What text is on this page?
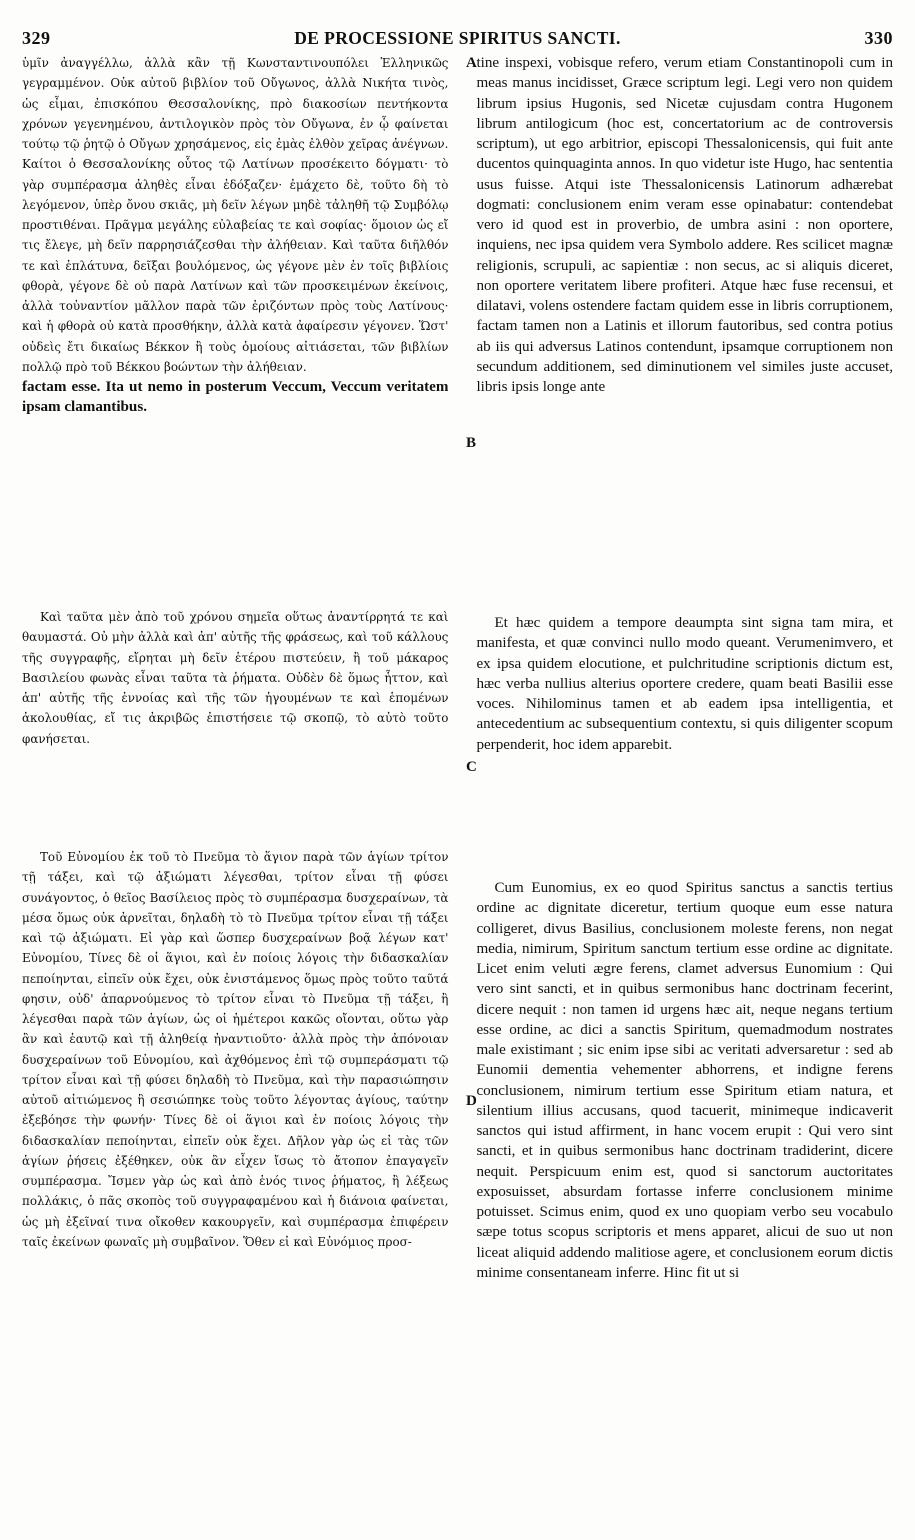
329	DE PROCESSIONE SPIRITUS SANCTI.	330

ὑμῖν ἀναγγέλλω, ἀλλὰ κἂν τῇ Κωνσταντινουπόλει Ἑλληνικῶς γεγραμμένον. Οὐκ αὐτοῦ βιβλίον τοῦ Οὔγωνος, ἀλλὰ Νικήτα τινὸς, ὡς εἶμαι, ἐπισκόπου Θεσσαλονίκης, πρὸ διακοσίων πεντήκοντα χρόνων γεγενημένου, ἀντιλογικὸν πρὸς τὸν Οὔγωνα, ἐν ᾧ φαίνεται τούτῳ τῷ ῥητῷ ὁ Οὔγων χρησάμενος, εἰς ἐμὰς ἐλθὸν χεῖρας ἀνέγνων. Καίτοι ὁ Θεσσαλονίκης οὗτος τῷ Λατίνων προσέκειτο δόγματι· τὸ γὰρ συμπέρασμα ἀληθὲς εἶναι ἐδόξαζεν· ἐμάχετο δὲ, τοῦτο δὴ τὸ λεγόμενον, ὑπὲρ ὄνου σκιᾶς, μὴ δεῖν λέγων μηδὲ τἀληθῆ τῷ Συμβόλῳ προστιθέναι. Πρᾶγμα μεγάλης εὐλαβείας τε καὶ σοφίας· ὅμοιον ὡς εἴ τις ἔλεγε, μὴ δεῖν παρρησιάζεσθαι τὴν ἀλήθειαν. Καὶ ταῦτα διῆλθόν τε καὶ ἐπλάτυνα, δεῖξαι βουλόμενος, ὡς γέγονε μὲν ἐν τοῖς βιβλίοις φθορὰ, γέγονε δὲ οὐ παρὰ Λατίνων καὶ τῶν προσκειμένων ἐκείνοις, ἀλλὰ τοὐναντίον μᾶλλον παρὰ τῶν ἐριζόντων πρὸς τοὺς Λατίνους· καὶ ἡ φθορὰ οὐ κατὰ προσθήκην, ἀλλὰ κατὰ ἀφαίρεσιν γέγονεν. Ὥστ' οὐδεὶς ἔτι δικαίως Βέκκον ἢ τοὺς ὁμοίους αἰτιάσεται, τῶν βιβλίων πολλῷ πρὸ τοῦ Βέκκου βοώντων τὴν ἀλήθειαν.

factam esse. Ita ut nemo in posterum Veccum, Veccum veritatem ipsam clamantibus.

Καὶ ταῦτα μὲν ἀπὸ τοῦ χρόνου σημεῖα οὕτως ἀναντίρρητά τε καὶ θαυμαστά. Οὐ μὴν ἀλλὰ καὶ ἀπ' αὐτῆς τῆς φράσεως, καὶ τοῦ κάλλους τῆς συγγραφῆς, εἴρηται μὴ δεῖν ἑτέρου πιστεύειν, ἢ τοῦ μάκαρος Βασιλείου φωνὰς εἶναι ταῦτα τὰ ῥήματα. Οὐδὲν δὲ ὅμως ἧττον, καὶ ἀπ' αὐτῆς τῆς ἐννοίας καὶ τῆς τῶν ἡγουμένων τε καὶ ἑπομένων ἀκολουθίας, εἴ τις ἀκριβῶς ἐπιστήσειε τῷ σκοπῷ, τὸ αὐτὸ τοῦτο φανήσεται.

Τοῦ Εὐνομίου ἐκ τοῦ τὸ Πνεῦμα τὸ ἅγιον παρὰ τῶν ἁγίων τρίτον τῇ τάξει, καὶ τῷ ἀξιώματι λέγεσθαι, τρίτον εἶναι τῇ φύσει συνάγοντος, ὁ θεῖος Βασίλειος πρὸς τὸ συμπέρασμα δυσχεραίνων, τὰ μέσα ὅμως οὐκ ἀρνεῖται, δηλαδὴ τὸ τὸ Πνεῦμα τρίτον εἶναι τῇ τάξει καὶ τῷ ἀξιώματι. Εἰ γὰρ καὶ ὥσπερ δυσχεραίνων βοᾷ λέγων κατ' Εὐνομίου, Τίνες δὲ οἱ ἅγιοι, καὶ ἐν ποίοις λόγοις τὴν διδασκαλίαν πεποίηνται, εἰπεῖν οὐκ ἔχει, οὐκ ἐνιστάμενος ὅμως πρὸς τοῦτο ταῦτά φησιν, οὐδ' ἀπαρνούμενος τὸ τρίτον εἶναι τὸ Πνεῦμα τῇ τάξει, ἢ λέγεσθαι παρὰ τῶν ἁγίων, ὡς οἱ ἡμέτεροι κακῶς οἴονται, οὕτω γὰρ ἂν καὶ ἑαυτῷ καὶ τῇ ἀληθείᾳ ἠναντιοῦτο· ἀλλὰ πρὸς τὴν ἀπόνοιαν δυσχεραίνων τοῦ Εὐνομίου, καὶ ἀχθόμενος ἐπὶ τῷ συμπεράσματι τῷ τρίτον εἶναι καὶ τῇ φύσει δηλαδὴ τὸ Πνεῦμα, καὶ τὴν παρασιώπησιν αὐτοῦ αἰτιώμενος ἣ σεσιώπηκε τοὺς τοῦτο λέγοντας ἁγίους, ταύτην ἐξεβόησε τὴν φωνήν· Τίνες δὲ οἱ ἅγιοι καὶ ἐν ποίοις λόγοις τὴν διδασκαλίαν πεποίηνται, εἰπεῖν οὐκ ἔχει. Δῆλον γὰρ ὡς εἰ τὰς τῶν ἁγίων ῥήσεις ἐξέθηκεν, οὐκ ἂν εἶχεν ἴσως τὸ ἄτοπον ἐπαγαγεῖν συμπέρασμα. Ἴσμεν γὰρ ὡς καὶ ἀπὸ ἑνός τινος ῥήματος, ἢ λέξεως πολλάκις, ὁ πᾶς σκοπὸς τοῦ συγγραφαμένου καὶ ἡ διάνοια φαίνεται, ὡς μὴ ἐξεῖναί τινα οἴκοθεν κακουργεῖν, καὶ συμπέρασμα ἐπιφέρειν ταῖς ἐκείνων φωναῖς μὴ συμβαῖνον. Ὅθεν εἰ καὶ Εὐνόμιος προσ-

A
B
C
D

tine inspexi, vobisque refero, verum etiam Constantinopoli cum in meas manus incidisset, Græce scriptum legi. Legi vero non quidem librum ipsius Hugonis, sed Nicetæ cujusdam contra Hugonem librum antilogicum (hoc est, concertatorium ac de controversis scriptum), ut ego arbitrior, episcopi Thessalonicensis, qui fuit ante ducentos quinquaginta annos. In quo videtur iste Hugo, hac sententia usus fuisse. Atqui iste Thessalonicensis Latinorum adhærebat dogmati: conclusionem enim veram esse opinabatur: contendebat vero id quod est in proverbio, de umbra asini : non oportere, inquiens, nec ipsa quidem vera Symbolo addere. Res scilicet magnæ religionis, scrupuli, ac sapientiæ : non secus, ac si aliquis diceret, non oportere veritatem libere profiteri. Atque hæc fuse recensui, et dilatavi, volens ostendere factam quidem esse in libris corruptionem, factam tamen non a Latinis et illorum fautoribus, sed contra potius ab iis qui adversus Latinos contendunt, ipsamque corruptionem non secundum additionem, sed diminutionem vel similes juste accuset, libris ipsis longe ante

Et hæc quidem a tempore deaumpta sint signa tam mira, et manifesta, et quæ convinci nullo modo queant. Verumenimvero, et ex ipsa quidem elocutione, et pulchritudine scriptionis dictum est, hæc verba nullius alterius oportere credere, quam beati Basilii esse voces. Nihilominus tamen et ab eadem ipsa intelligentia, et antecedentium ac subsequentium contextu, si quis diligenter scopum perpenderit, hoc idem apparebit.

Cum Eunomius, ex eo quod Spiritus sanctus a sanctis tertius ordine ac dignitate diceretur, tertium quoque eum esse natura colligeret, divus Basilius, conclusionem moleste ferens, non negat media, nimirum, Spiritum sanctum tertium esse ordine ac dignitate. Licet enim veluti ægre ferens, clamet adversus Eunomium : Qui vero sint sancti, et in quibus sermonibus hanc doctrinam fecerint, dicere nequit : non tamen id urgens hæc ait, neque negans tertium esse ordine, ac dici a sanctis Spiritum, quemadmodum nostrates male existimant ; sic enim ipse sibi ac veritati adversaretur : sed ab Eunomii dementia vehementer abhorrens, et indigne ferens conclusionem, nimirum tertium esse Spiritum etiam natura, et silentium illius accusans, quod tacuerit, minimeque indicaverit sanctos qui istud affirment, in hanc vocem erupit : Qui vero sint sancti, et in quibus sermonibus hanc doctrinam tradiderint, dicere nequit. Perspicuum enim est, quod si sanctorum auctoritates exposuisset, absurdam fortasse inferre conclusionem minime potuisset. Scimus enim, quod ex uno quopiam verbo seu vocabulo sæpe totus scopus scriptoris et mens apparet, alicui de suo ut non liceat aliquid addendo malitiose agere, et conclusionem eorum dictis minime consentaneam inferre. Hinc fit ut si
